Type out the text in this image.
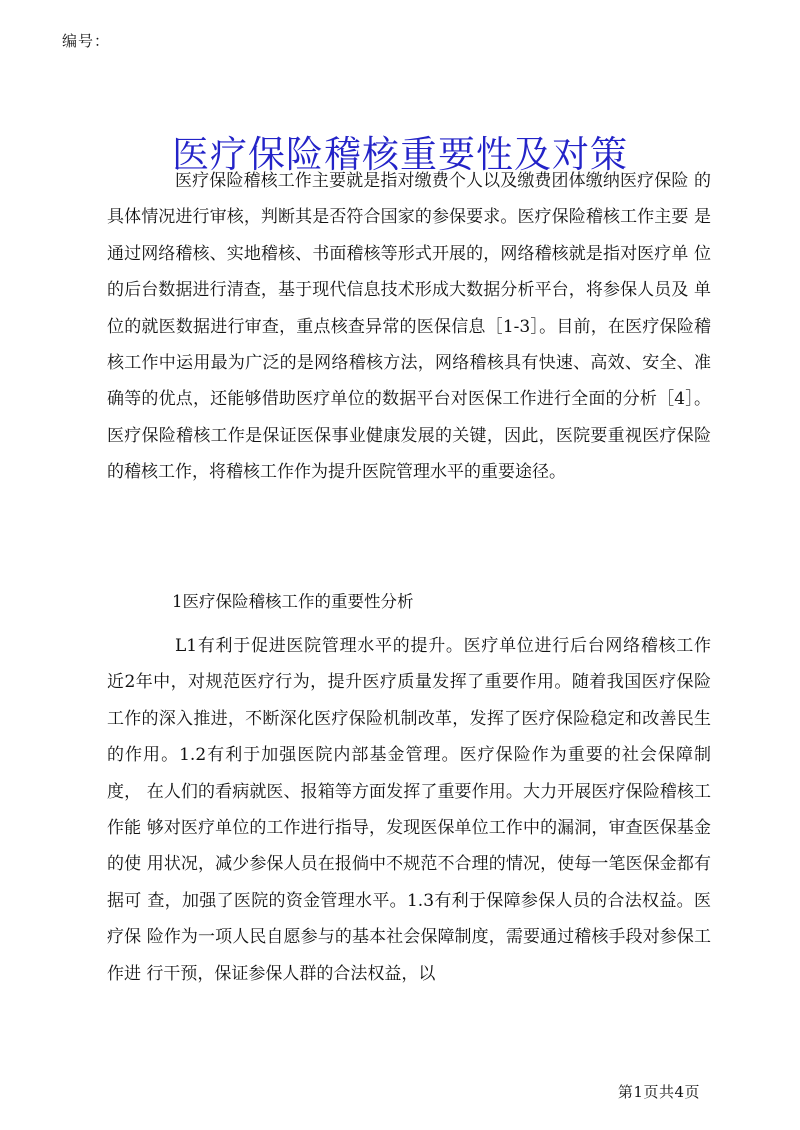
编号：
医疗保险稽核重要性及对策

医疗保险稽核工作主要就是指对缴费个人以及缴费团体缴纳医疗保险 的具体情况进行审核，判断其是否符合国家的参保要求。医疗保险稽核工作主要 是通过网络稽核、实地稽核、书面稽核等形式开展的，网络稽核就是指对医疗单 位的后台数据进行清查，基于现代信息技术形成大数据分析平台，将参保人员及 单位的就医数据进行审查，重点核查异常的医保信息［1-3］。目前，在医疗保险稽 核工作中运用最为广泛的是网络稽核方法，网络稽核具有快速、高效、安全、准 确等的优点，还能够借助医疗单位的数据平台对医保工作进行全面的分析［4］。 医疗保险稽核工作是保证医保事业健康发展的关键，因此，医院要重视医疗保险 的稽核工作，将稽核工作作为提升医院管理水平的重要途径。

1医疗保险稽核工作的重要性分析

L1有利于促进医院管理水平的提升。医疗单位进行后台网络稽核工作 近2年中，对规范医疗行为，提升医疗质量发挥了重要作用。随着我国医疗保险 工作的深入推进，不断深化医疗保险机制改革，发挥了医疗保险稳定和改善民生 的作用。1.2有利于加强医院内部基金管理。医疗保险作为重要的社会保障制度， 在人们的看病就医、报箱等方面发挥了重要作用。大力开展医疗保险稽核工作能 够对医疗单位的工作进行指导，发现医保单位工作中的漏洞，审查医保基金的使 用状况，减少参保人员在报倘中不规范不合理的情况，使每一笔医保金都有据可 查，加强了医院的资金管理水平。1.3有利于保障参保人员的合法权益。医疗保 险作为一项人民自愿参与的基本社会保障制度，需要通过稽核手段对参保工作进 行干预，保证参保人群的合法权益，以

第1页共4页
